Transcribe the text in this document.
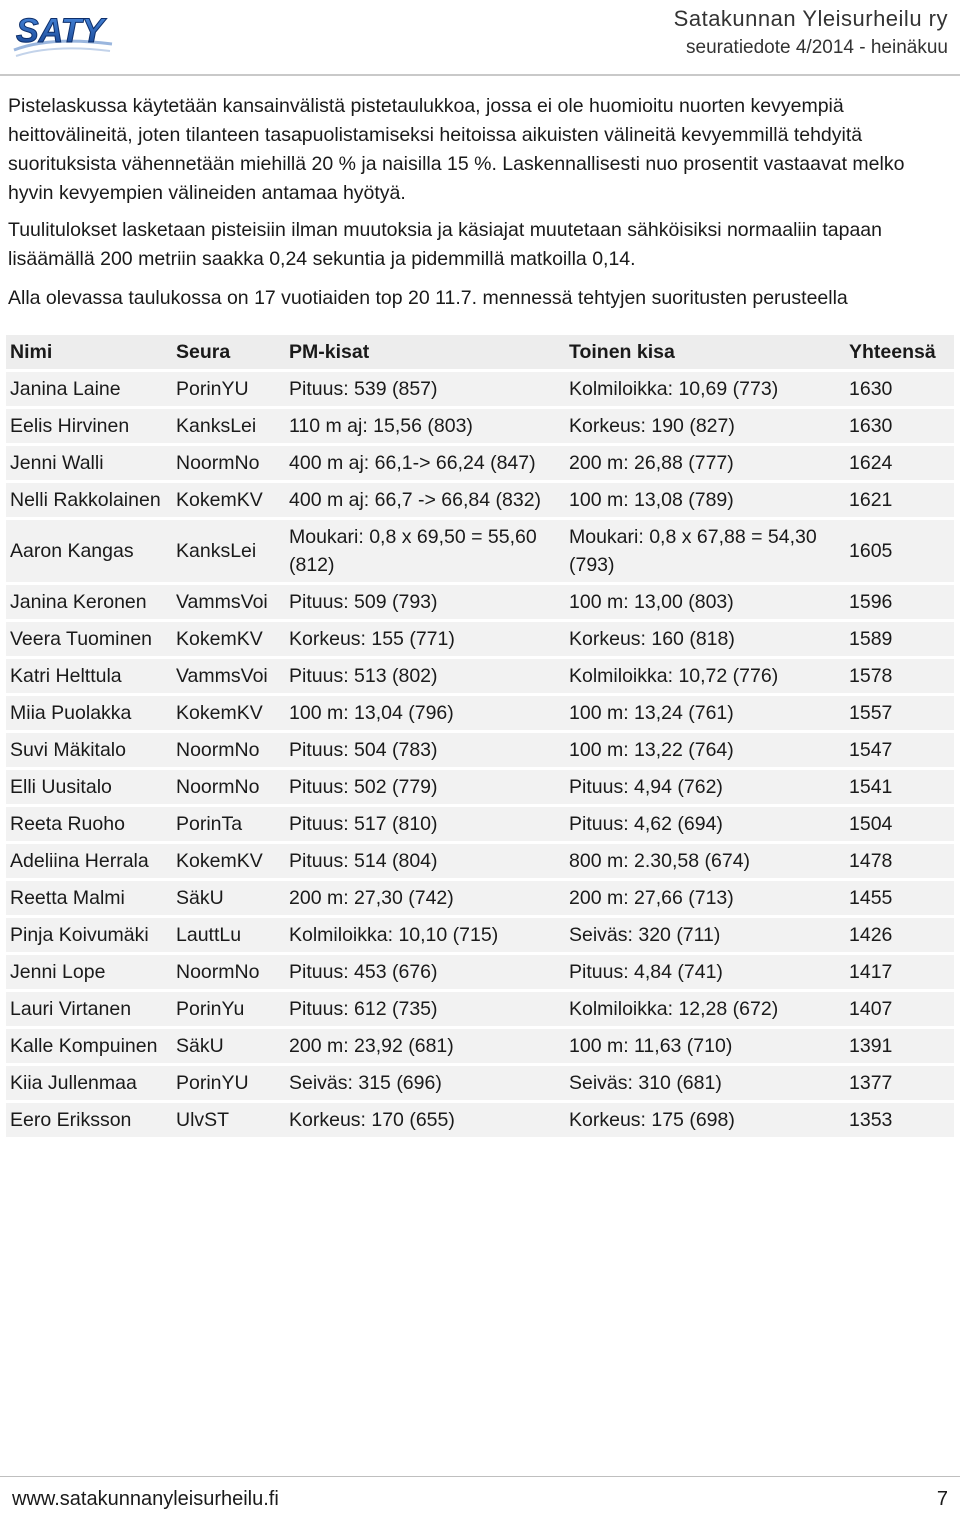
SATY	Satakunnan Yleisurheilu ry
seuratiedote 4/2014 - heinäkuu

Pistelaskussa käytetään kansainvälistä pistetaulukkoa, jossa ei ole huomioitu nuorten kevyempiä heittovälineitä, joten tilanteen tasapuolistamiseksi heitoissa aikuisten välineitä kevyemmillä tehdyitä suorituksista vähennetään miehillä 20 % ja naisilla 15 %. Laskennallisesti nuo prosentit vastaavat melko hyvin kevyempien välineiden antamaa hyötyä.

Tuulitulokset lasketaan pisteisiin ilman muutoksia ja käsiajat muutetaan sähköisiksi normaaliin tapaan lisäämällä 200 metriin saakka 0,24 sekuntia ja pidemmillä matkoilla 0,14.

Alla olevassa taulukossa on 17 vuotiaiden top 20 11.7. mennessä tehtyjen suoritusten perusteella

Nimi	Seura	PM-kisat	Toinen kisa	Yhteensä
Janina Laine	PorinYU	Pituus: 539 (857)	Kolmiloikka: 10,69 (773)	1630
Eelis Hirvinen	KanksLei	110 m aj: 15,56 (803)	Korkeus: 190 (827)	1630
Jenni Walli	NoormNo	400 m aj: 66,1-> 66,24 (847)	200 m: 26,88 (777)	1624
Nelli Rakkolainen	KokemKV	400 m aj: 66,7 -> 66,84 (832)	100 m: 13,08 (789)	1621
Aaron Kangas	KanksLei	Moukari: 0,8 x 69,50 = 55,60 (812)	Moukari: 0,8 x 67,88 = 54,30 (793)	1605
Janina Keronen	VammsVoi	Pituus: 509 (793)	100 m: 13,00 (803)	1596
Veera Tuominen	KokemKV	Korkeus: 155 (771)	Korkeus: 160 (818)	1589
Katri Helttula	VammsVoi	Pituus: 513 (802)	Kolmiloikka: 10,72 (776)	1578
Miia Puolakka	KokemKV	100 m: 13,04 (796)	100 m: 13,24 (761)	1557
Suvi Mäkitalo	NoormNo	Pituus: 504 (783)	100 m: 13,22 (764)	1547
Elli Uusitalo	NoormNo	Pituus: 502 (779)	Pituus: 4,94 (762)	1541
Reeta Ruoho	PorinTa	Pituus: 517 (810)	Pituus: 4,62 (694)	1504
Adeliina Herrala	KokemKV	Pituus: 514 (804)	800 m: 2.30,58 (674)	1478
Reetta Malmi	SäkU	200 m: 27,30 (742)	200 m: 27,66 (713)	1455
Pinja Koivumäki	LauttLu	Kolmiloikka: 10,10 (715)	Seiväs: 320 (711)	1426
Jenni Lope	NoormNo	Pituus: 453 (676)	Pituus: 4,84 (741)	1417
Lauri Virtanen	PorinYu	Pituus: 612 (735)	Kolmiloikka: 12,28 (672)	1407
Kalle Kompuinen	SäkU	200 m: 23,92 (681)	100 m: 11,63 (710)	1391
Kiia Jullenmaa	PorinYU	Seiväs: 315 (696)	Seiväs: 310 (681)	1377
Eero Eriksson	UlvST	Korkeus: 170 (655)	Korkeus: 175 (698)	1353
www.satakunnanyleisurheilu.fi	7
